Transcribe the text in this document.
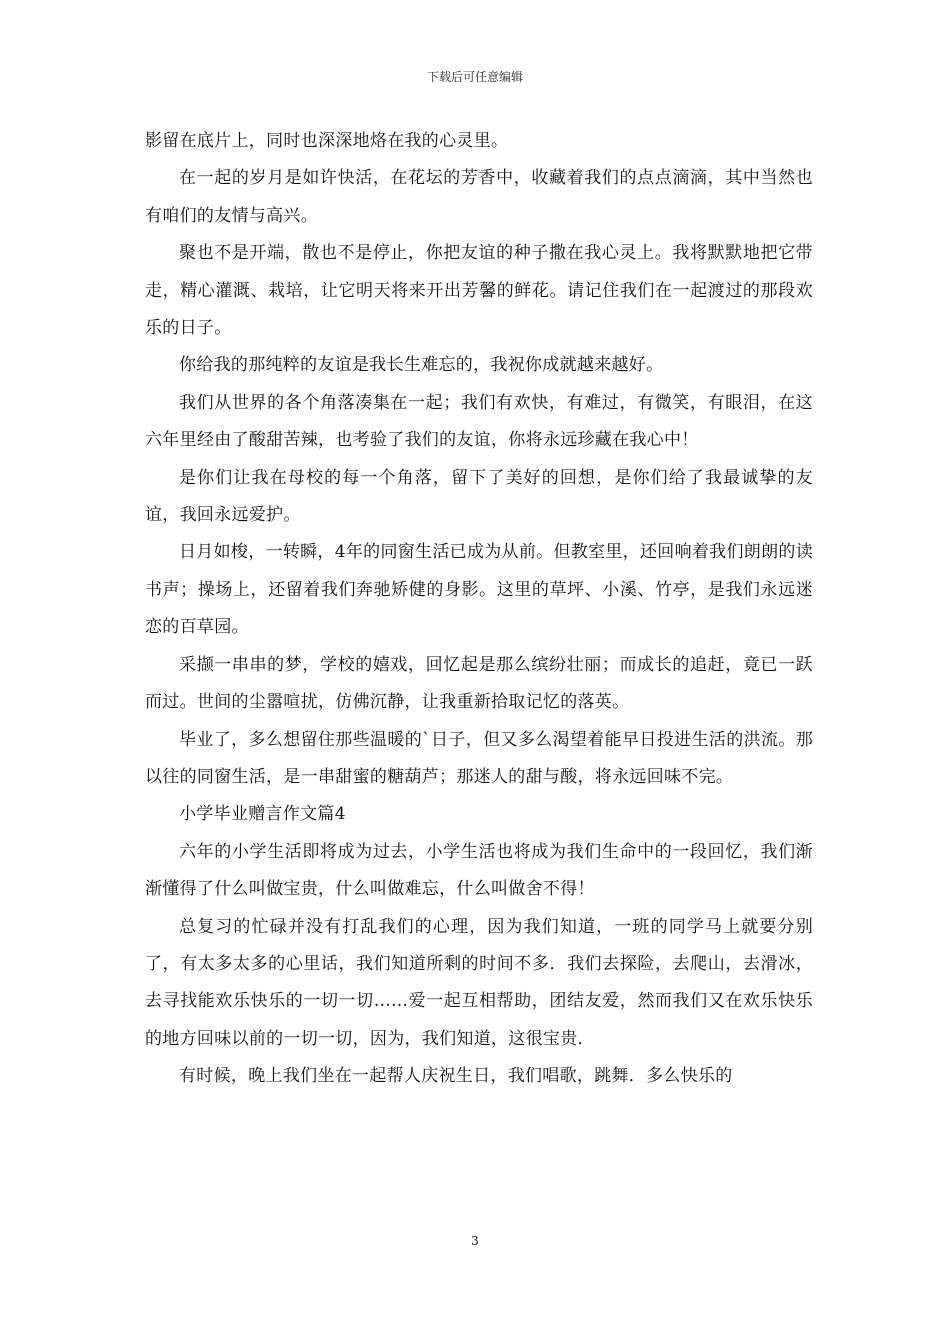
下载后可任意编辑

影留在底片上，同时也深深地烙在我的心灵里。

在一起的岁月是如许快活，在花坛的芳香中，收藏着我们的点点滴滴，其中当然也有咱们的友情与高兴。

聚也不是开端，散也不是停止，你把友谊的种子撒在我心灵上。我将默默地把它带走，精心灌溉、栽培，让它明天将来开出芳馨的鲜花。请记住我们在一起渡过的那段欢乐的日子。

你给我的那纯粹的友谊是我长生难忘的，我祝你成就越来越好。

我们从世界的各个角落凑集在一起；我们有欢快，有难过，有微笑，有眼泪，在这六年里经由了酸甜苦辣，也考验了我们的友谊，你将永远珍藏在我心中！

是你们让我在母校的每一个角落，留下了美好的回想，是你们给了我最诚挚的友谊，我回永远爱护。

日月如梭，一转瞬，4年的同窗生活已成为从前。但教室里，还回响着我们朗朗的读书声；操场上，还留着我们奔驰矫健的身影。这里的草坪、小溪、竹亭，是我们永远迷恋的百草园。

采撷一串串的梦，学校的嬉戏，回忆起是那么缤纷壮丽；而成长的追赶，竟已一跃而过。世间的尘嚣喧扰，仿佛沉静，让我重新拾取记忆的落英。

毕业了，多么想留住那些温暖的`日子，但又多么渴望着能早日投进生活的洪流。那以往的同窗生活，是一串甜蜜的糖葫芦；那迷人的甜与酸，将永远回味不完。

小学毕业赠言作文篇4

六年的小学生活即将成为过去，小学生活也将成为我们生命中的一段回忆，我们渐渐懂得了什么叫做宝贵，什么叫做难忘，什么叫做舍不得！

总复习的忙碌并没有打乱我们的心理，因为我们知道，一班的同学马上就要分别了，有太多太多的心里话，我们知道所剩的时间不多．我们去探险，去爬山，去滑冰，去寻找能欢乐快乐的一切一切……爱一起互相帮助，团结友爱，然而我们又在欢乐快乐的地方回味以前的一切一切，因为，我们知道，这很宝贵．

有时候，晚上我们坐在一起帮人庆祝生日，我们唱歌，跳舞．多么快乐的

3
